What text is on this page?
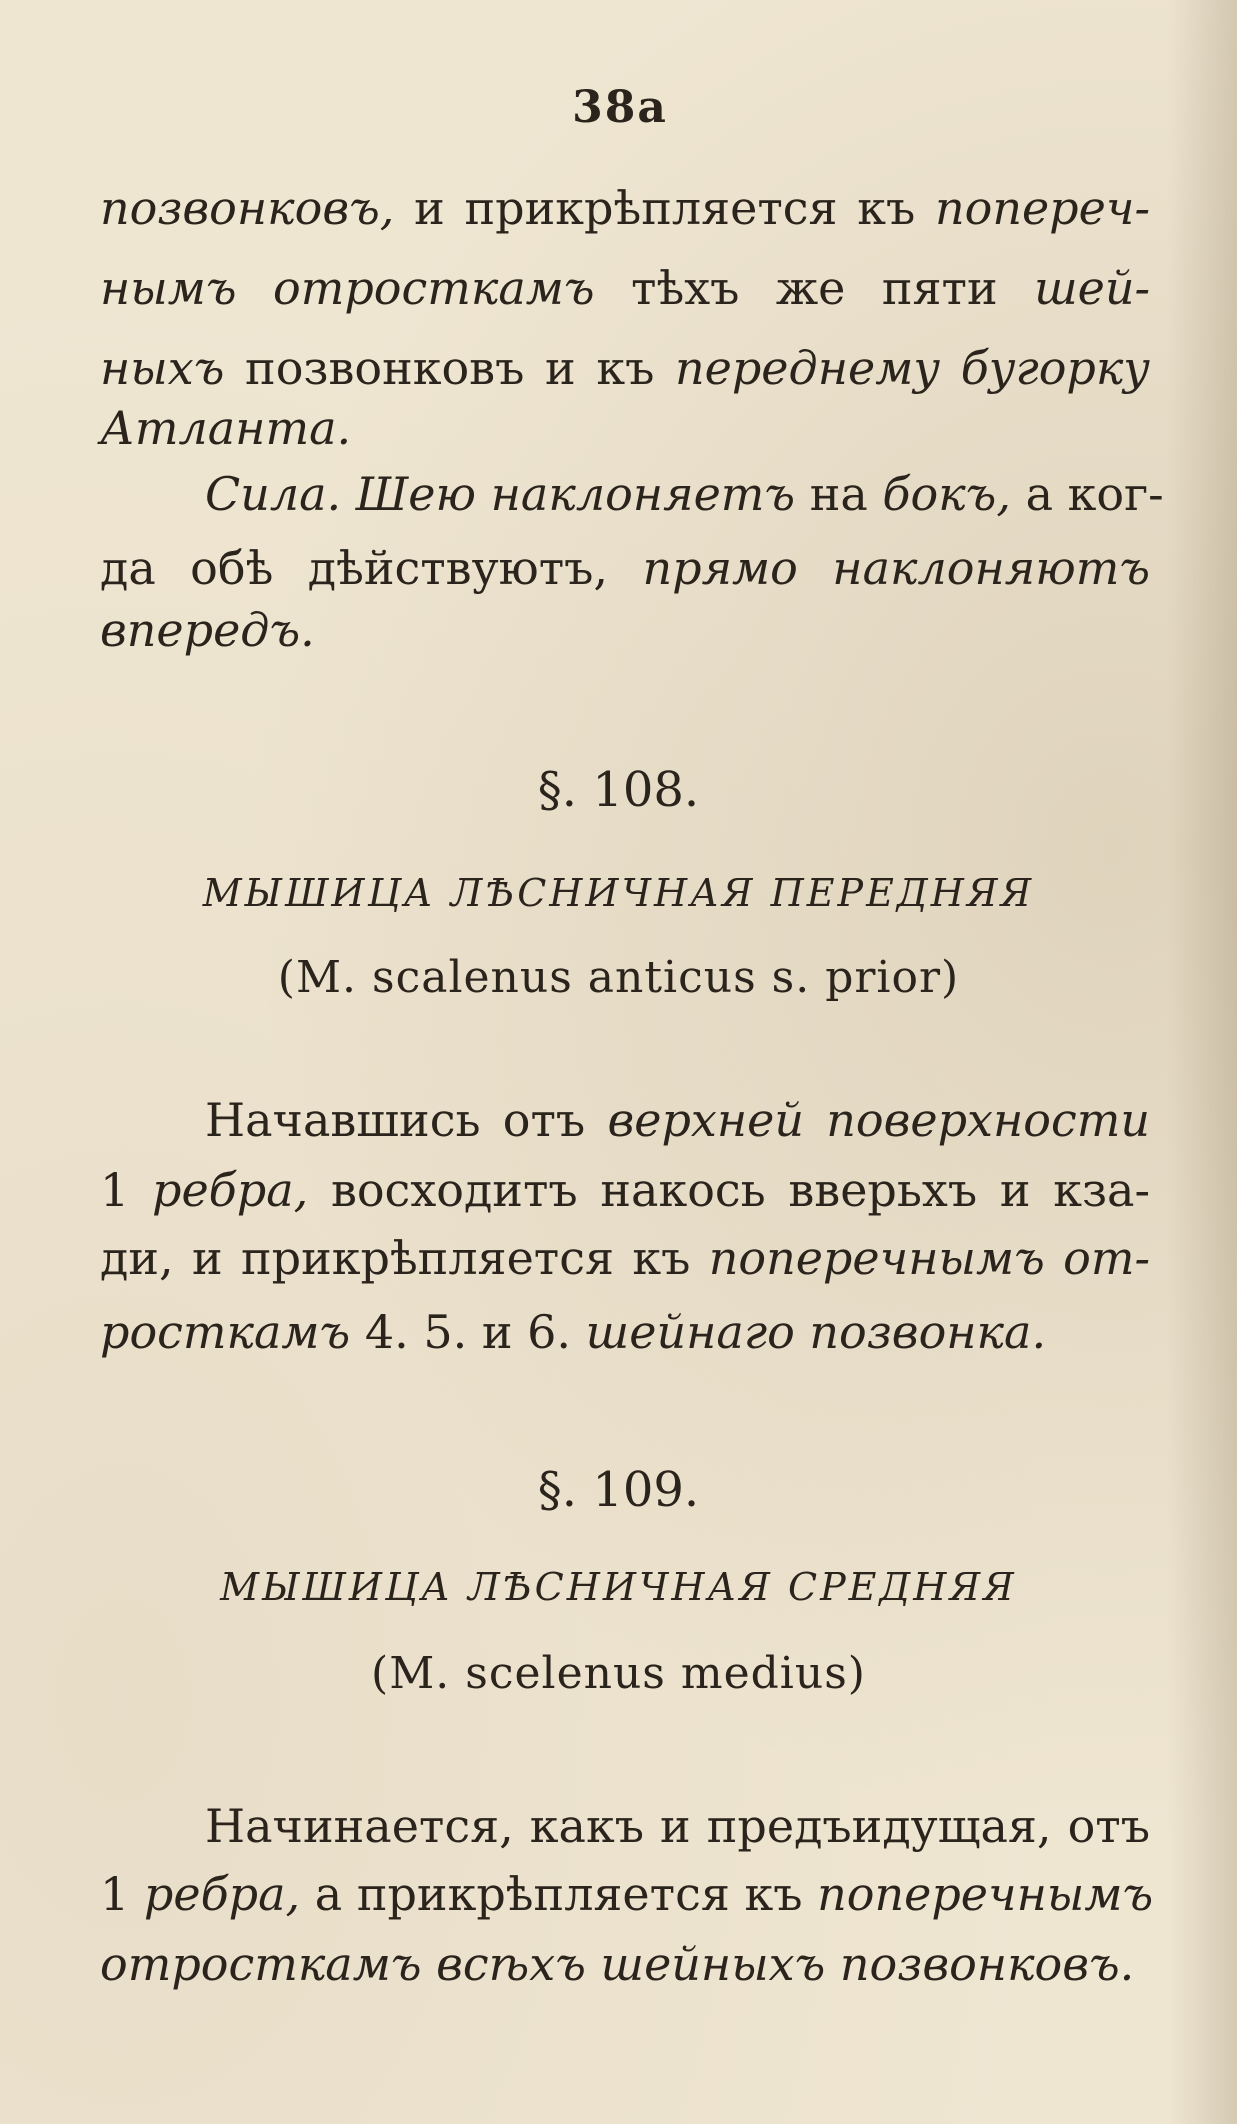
38a
позвонковъ, и прикрѣпляется къ попереч-
нымъ отросткамъ тѣхъ же пяти шей-
ныхъ позвонковъ и къ переднему бугорку
Атланта.
Сила. Шею наклоняетъ на бокъ, а ког-
да обѣ дѣйствуютъ, прямо наклоняютъ
впередъ.
§. 108.
МЫШИЦА ЛѢСНИЧНАЯ ПЕРЕДНЯЯ
(M. scalenus anticus s. prior)
Начавшись отъ верхней поверхности
1 ребра, восходитъ накось вверьхъ и кза-
ди, и прикрѣпляется къ поперечнымъ от-
росткамъ 4. 5. и 6. шейнаго позвонка.
§. 109.
МЫШИЦА ЛѢСНИЧНАЯ СРЕДНЯЯ
(M. scelenus medius)
Начинается, какъ и предъидущая, отъ
1 ребра, а прикрѣпляется къ поперечнымъ
отросткамъ всѣхъ шейныхъ позвонковъ.
